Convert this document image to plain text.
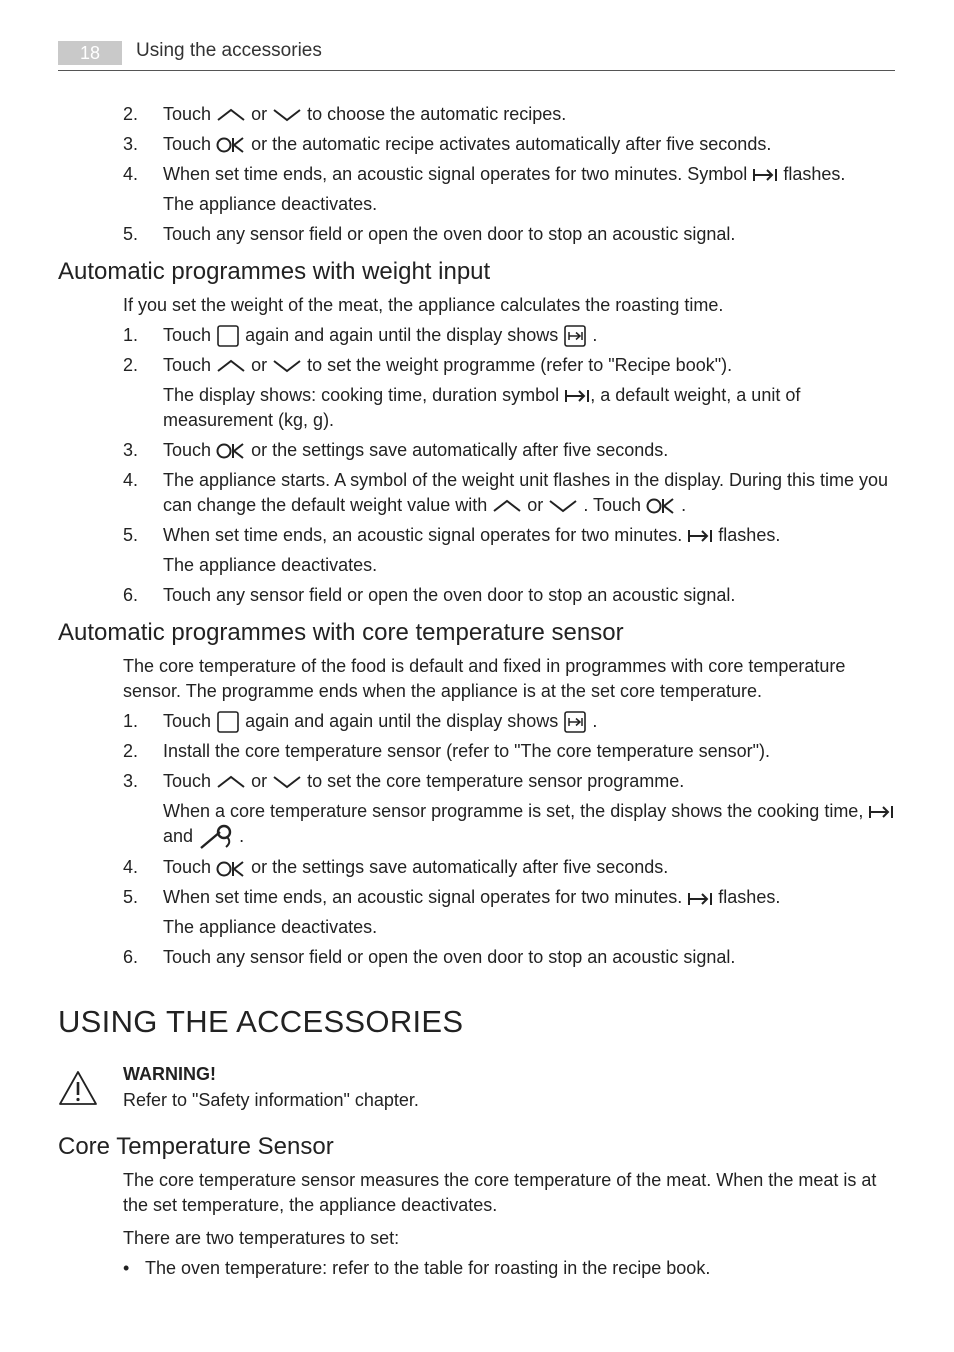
18	Using the accessories
2.	Touch or to choose the automatic recipes.
3.	Touch or the automatic recipe activates automatically after five seconds.
4.	When set time ends, an acoustic signal operates for two minutes. Symbol flashes.
The appliance deactivates.
5.	Touch any sensor field or open the oven door to stop an acoustic signal.
Automatic programmes with weight input
If you set the weight of the meat, the appliance calculates the roasting time.
1.	Touch again and again until the display shows .
2.	Touch or to set the weight programme (refer to "Recipe book").
The display shows: cooking time, duration symbol , a default weight, a unit of measurement (kg, g).
3.	Touch or the settings save automatically after five seconds.
4.	The appliance starts. A symbol of the weight unit flashes in the display. During this time you can change the default weight value with or . Touch .
5.	When set time ends, an acoustic signal operates for two minutes. flashes.
The appliance deactivates.
6.	Touch any sensor field or open the oven door to stop an acoustic signal.
Automatic programmes with core temperature sensor
The core temperature of the food is default and fixed in programmes with core temperature sensor. The programme ends when the appliance is at the set core temperature.
1.	Touch again and again until the display shows .
2.	Install the core temperature sensor (refer to "The core temperature sensor").
3.	Touch or to set the core temperature sensor programme.
When a core temperature sensor programme is set, the display shows the cooking time,
and	.
4.	Touch or the settings save automatically after five seconds.
5.	When set time ends, an acoustic signal operates for two minutes. flashes.
The appliance deactivates.
6.	Touch any sensor field or open the oven door to stop an acoustic signal.
USING THE ACCESSORIES
WARNING!
Refer to "Safety information" chapter.
Core Temperature Sensor
The core temperature sensor measures the core temperature of the meat. When the meat is at the set temperature, the appliance deactivates.
There are two temperatures to set:
• The oven temperature: refer to the table for roasting in the recipe book.
